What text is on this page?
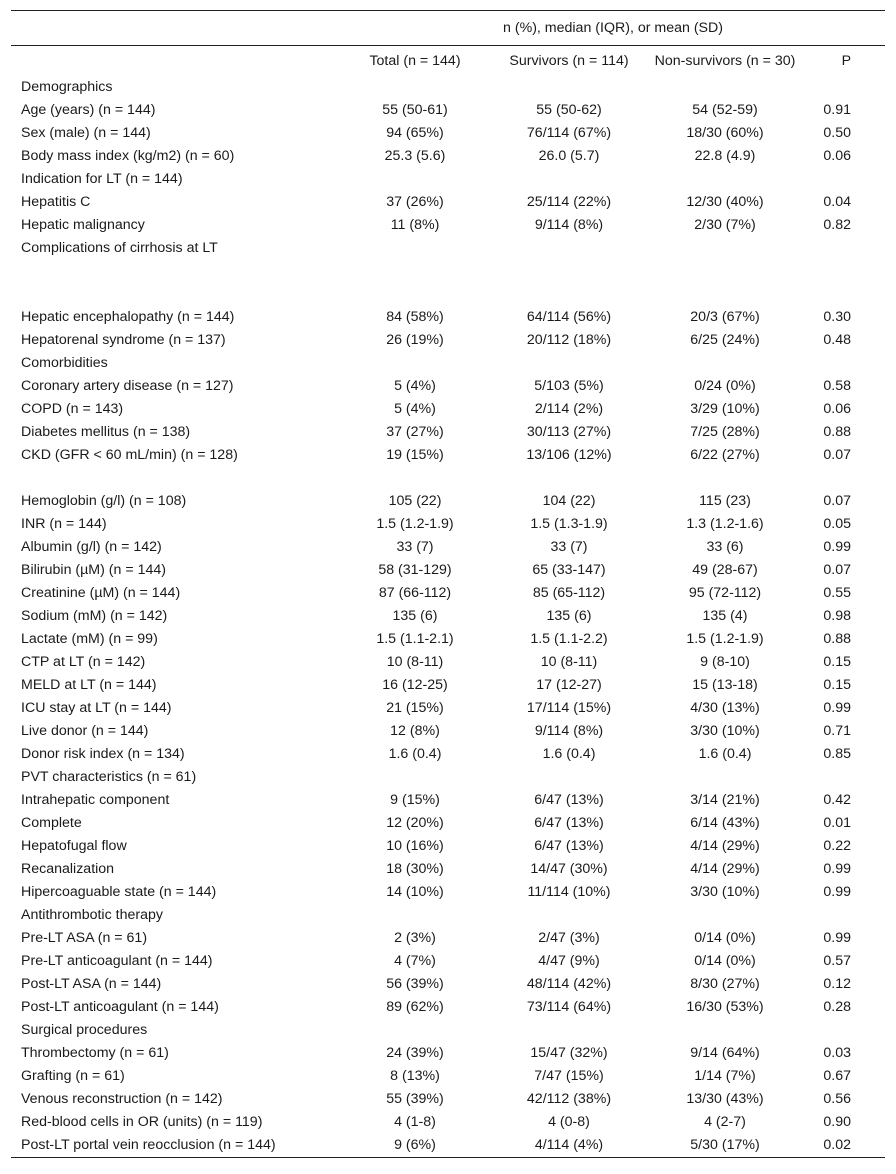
	n (%), median (IQR), or mean (SD)			
	Total (n = 144)	Survivors (n = 114)	Non-survivors (n = 30)	P
Demographics				
Age (years) (n = 144)	55 (50-61)	55 (50-62)	54 (52-59)	0.91
Sex (male) (n = 144)	94 (65%)	76/114 (67%)	18/30 (60%)	0.50
Body mass index (kg/m2) (n = 60)	25.3 (5.6)	26.0 (5.7)	22.8 (4.9)	0.06
Indication for LT (n = 144)				
Hepatitis C	37 (26%)	25/114 (22%)	12/30 (40%)	0.04
Hepatic malignancy	11 (8%)	9/114 (8%)	2/30 (7%)	0.82
Complications of cirrhosis at LT				

Hepatic encephalopathy (n = 144)	84 (58%)	64/114 (56%)	20/3 (67%)	0.30
Hepatorenal syndrome (n = 137)	26 (19%)	20/112 (18%)	6/25 (24%)	0.48
Comorbidities				
Coronary artery disease (n = 127)	5 (4%)	5/103 (5%)	0/24 (0%)	0.58
COPD (n = 143)	5 (4%)	2/114 (2%)	3/29 (10%)	0.06
Diabetes mellitus (n = 138)	37 (27%)	30/113 (27%)	7/25 (28%)	0.88
CKD (GFR < 60 mL/min) (n = 128)	19 (15%)	13/106 (12%)	6/22 (27%)	0.07

Hemoglobin (g/l) (n = 108)	105 (22)	104 (22)	115 (23)	0.07
INR (n = 144)	1.5 (1.2-1.9)	1.5 (1.3-1.9)	1.3 (1.2-1.6)	0.05
Albumin (g/l) (n = 142)	33 (7)	33 (7)	33 (6)	0.99
Bilirubin (µM) (n = 144)	58 (31-129)	65 (33-147)	49 (28-67)	0.07
Creatinine (µM) (n = 144)	87 (66-112)	85 (65-112)	95 (72-112)	0.55
Sodium (mM) (n = 142)	135 (6)	135 (6)	135 (4)	0.98
Lactate (mM) (n = 99)	1.5 (1.1-2.1)	1.5 (1.1-2.2)	1.5 (1.2-1.9)	0.88
CTP at LT (n = 142)	10 (8-11)	10 (8-11)	9 (8-10)	0.15
MELD at LT (n = 144)	16 (12-25)	17 (12-27)	15 (13-18)	0.15
ICU stay at LT (n = 144)	21 (15%)	17/114 (15%)	4/30 (13%)	0.99
Live donor (n = 144)	12 (8%)	9/114 (8%)	3/30 (10%)	0.71
Donor risk index (n = 134)	1.6 (0.4)	1.6 (0.4)	1.6 (0.4)	0.85
PVT characteristics (n = 61)				
Intrahepatic component	9 (15%)	6/47 (13%)	3/14 (21%)	0.42
Complete	12 (20%)	6/47 (13%)	6/14 (43%)	0.01
Hepatofugal flow	10 (16%)	6/47 (13%)	4/14 (29%)	0.22
Recanalization	18 (30%)	14/47 (30%)	4/14 (29%)	0.99
Hipercoaguable state (n = 144)	14 (10%)	11/114 (10%)	3/30 (10%)	0.99
Antithrombotic therapy				
Pre-LT ASA (n = 61)	2 (3%)	2/47 (3%)	0/14 (0%)	0.99
Pre-LT anticoagulant (n = 144)	4 (7%)	4/47 (9%)	0/14 (0%)	0.57
Post-LT ASA (n = 144)	56 (39%)	48/114 (42%)	8/30 (27%)	0.12
Post-LT anticoagulant (n = 144)	89 (62%)	73/114 (64%)	16/30 (53%)	0.28
Surgical procedures				
Thrombectomy (n = 61)	24 (39%)	15/47 (32%)	9/14 (64%)	0.03
Grafting (n = 61)	8 (13%)	7/47 (15%)	1/14 (7%)	0.67
Venous reconstruction (n = 142)	55 (39%)	42/112 (38%)	13/30 (43%)	0.56
Red-blood cells in OR (units) (n = 119)	4 (1-8)	4 (0-8)	4 (2-7)	0.90
Post-LT portal vein reocclusion (n = 144)	9 (6%)	4/114 (4%)	5/30 (17%)	0.02
